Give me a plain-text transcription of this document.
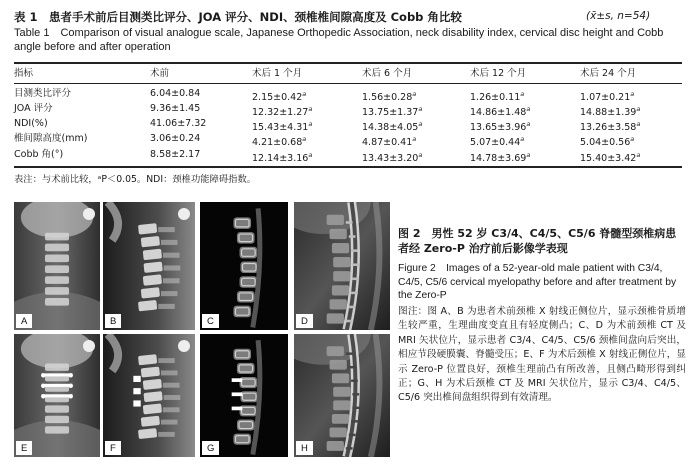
表 1　患者手术前后目测类比评分、JOA 评分、NDI、颈椎椎间隙高度及 Cobb 角比较	(x̄±s, n=54)
Table 1　Comparison of visual analogue scale, Japanese Orthopedic Association, neck disability index, cervical disc height and Cobb angle before and after operation
指标	术前	术后 1 个月	术后 6 个月	术后 12 个月	术后 24 个月
目测类比评分	6.04±0.84	2.15±0.42$^a$	1.56±0.28$^a$	1.26±0.11$^a$	1.07±0.21$^a$
JOA 评分	9.36±1.45	12.32±1.27$^a$	13.75±1.37$^a$	14.86±1.48$^a$	14.88±1.39$^a$
NDI(%)	41.06±7.32	15.43±4.31$^a$	14.38±4.05$^a$	13.65±3.96$^a$	13.26±3.58$^a$
椎间隙高度(mm)	3.06±0.24	4.21±0.68$^a$	4.87±0.41$^a$	5.07±0.44$^a$	5.04±0.56$^a$
Cobb 角(°)	8.58±2.17	12.14±3.16$^a$	13.43±3.20$^a$	14.78±3.69$^a$	15.40±3.42$^a$
表注：与术前比较，ᵃP＜0.05。NDI：颈椎功能障碍指数。
A	B	C	D
E	F	G	H
图 2　男性 52 岁 C3/4、C4/5、C5/6 脊髓型颈椎病患者经 Zero-P 治疗前后影像学表现
Figure 2　Images of a 52-year-old male patient with C3/4, C4/5, C5/6 cervical myelopathy before and after treatment by the Zero-P
图注：图 A、B 为患者术前颈椎 X 射线正侧位片，显示颈椎骨质增生较严重，生理曲度变直且有轻度侧凸；C、D 为术前颈椎 CT 及 MRI 矢状位片，显示患者 C3/4、C4/5、C5/6 颈椎间盘向后突出，相应节段硬膜囊、脊髓受压；E、F 为术后颈椎 X 射线正侧位片，显示 Zero-P 位置良好，颈椎生理前凸有所改善，且侧凸畸形得到纠正；G、H 为术后颈椎 CT 及 MRI 矢状位片，显示 C3/4、C4/5、C5/6 突出椎间盘组织得到有效清理。
